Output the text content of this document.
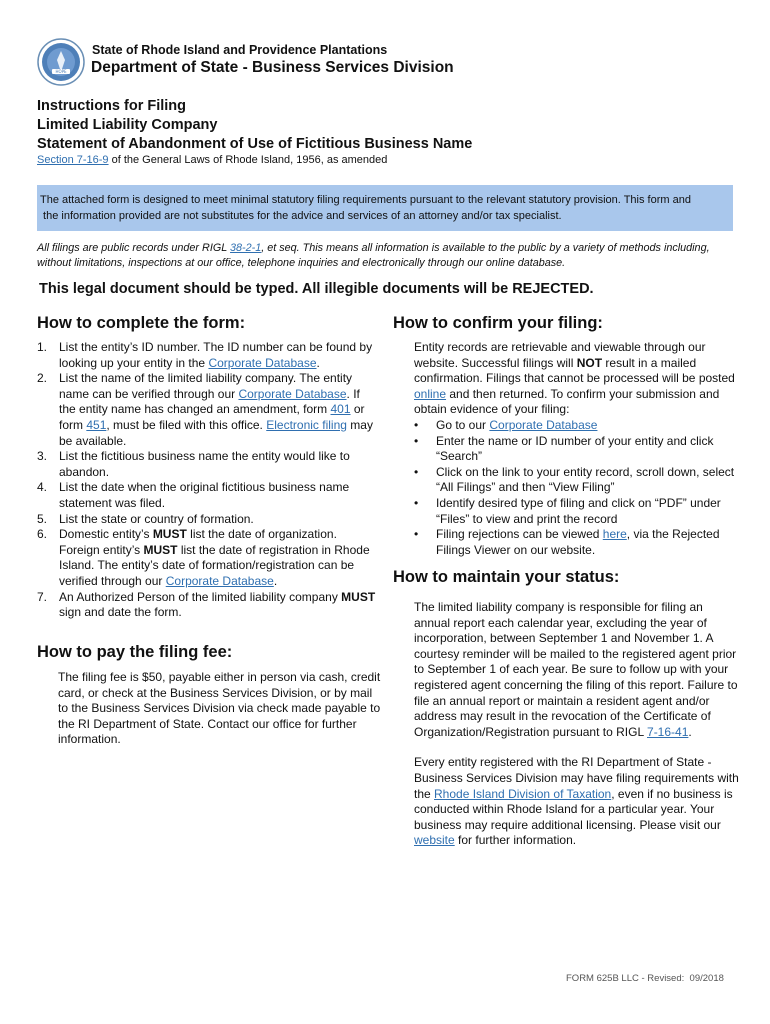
HOPE
State of Rhode Island and Providence Plantations
Department of State - Business Services Division
Instructions for Filing
Limited Liability Company
Statement of Abandonment of Use of Fictitious Business Name
Section 7-16-9 of the General Laws of Rhode Island, 1956, as amended
The attached form is designed to meet minimal statutory filing requirements pursuant to the relevant statutory provision. This form and
the information provided are not substitutes for the advice and services of an attorney and/or tax specialist.
All filings are public records under RIGL 38-2-1, et seq. This means all information is available to the public by a variety of methods including, without limitations, inspections at our office, telephone inquiries and electronically through our online database.
This legal document should be typed. All illegible documents will be REJECTED.
How to complete the form:
1. List the entity’s ID number. The ID number can be found by looking up your entity in the Corporate Database.
2. List the name of the limited liability company. The entity name can be verified through our Corporate Database. If the entity name has changed an amendment, form 401 or form 451, must be filed with this office. Electronic filing may be available.
3. List the fictitious business name the entity would like to abandon.
4. List the date when the original fictitious business name statement was filed.
5. List the state or country of formation.
6. Domestic entity’s MUST list the date of organization. Foreign entity’s MUST list the date of registration in Rhode Island. The entity’s date of formation/registration can be verified through our Corporate Database.
7. An Authorized Person of the limited liability company MUST sign and date the form.
How to pay the filing fee:
The filing fee is $50, payable either in person via cash, credit card, or check at the Business Services Division, or by mail to the Business Services Division via check made payable to the RI Department of State. Contact our office for further information.
How to confirm your filing:
Entity records are retrievable and viewable through our website. Successful filings will NOT result in a mailed confirmation. Filings that cannot be processed will be posted online and then returned. To confirm your submission and obtain evidence of your filing:
• Go to our Corporate Database
• Enter the name or ID number of your entity and click “Search”
• Click on the link to your entity record, scroll down, select “All Filings” and then “View Filing”
• Identify desired type of filing and click on “PDF” under “Files” to view and print the record
• Filing rejections can be viewed here, via the Rejected Filings Viewer on our website.
How to maintain your status:
The limited liability company is responsible for filing an annual report each calendar year, excluding the year of incorporation, between September 1 and November 1. A courtesy reminder will be mailed to the registered agent prior to September 1 of each year. Be sure to follow up with your registered agent concerning the filing of this report. Failure to file an annual report or maintain a resident agent and/or address may result in the revocation of the Certificate of Organization/Registration pursuant to RIGL 7-16-41.
Every entity registered with the RI Department of State - Business Services Division may have filing requirements with the Rhode Island Division of Taxation, even if no business is conducted within Rhode Island for a particular year. Your business may require additional licensing. Please visit our website for further information.
FORM 625B LLC - Revised:  09/2018
